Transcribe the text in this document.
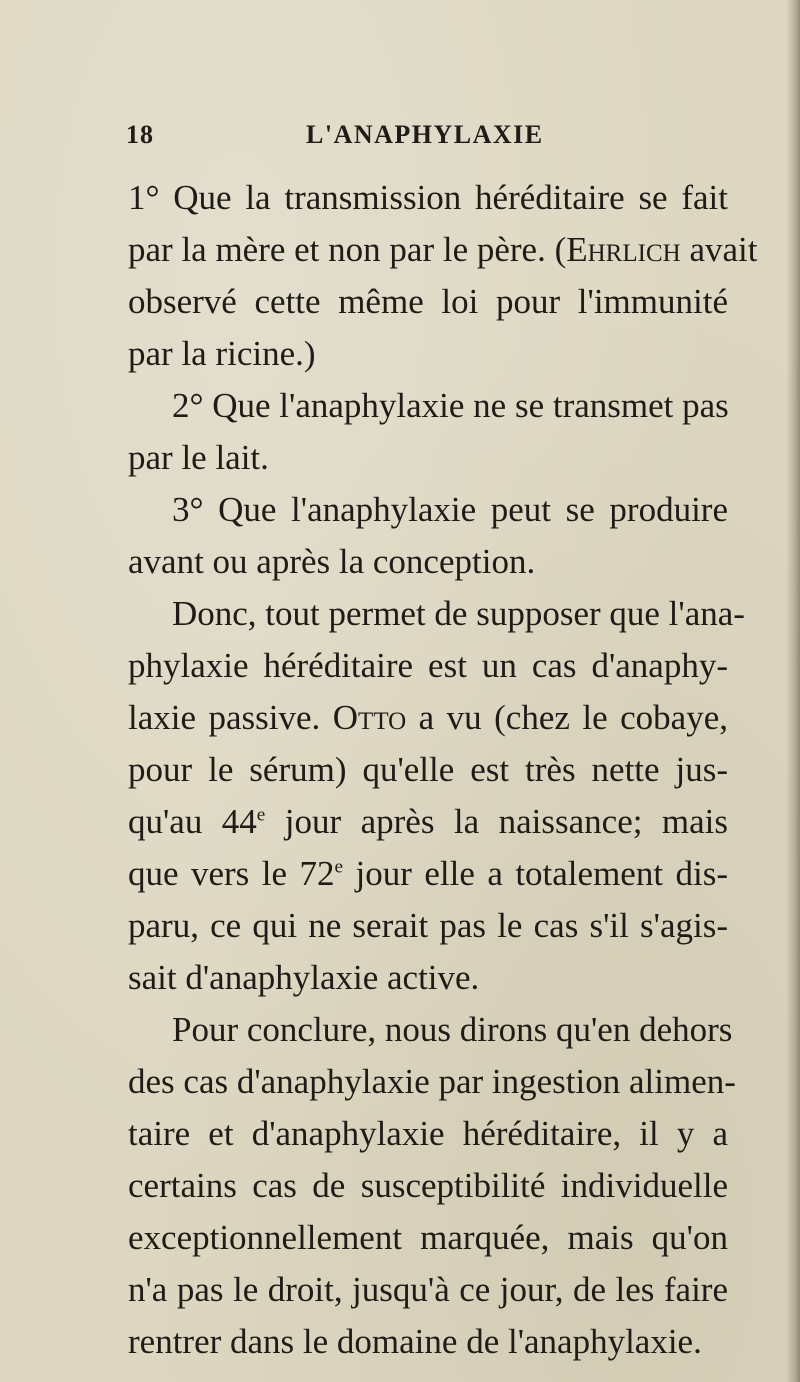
18	L'ANAPHYLAXIE
1° Que la transmission héréditaire se fait
par la mère et non par le père. (Ehrlich avait
observé cette même loi pour l'immunité
par la ricine.)
2° Que l'anaphylaxie ne se transmet pas
par le lait.
3° Que l'anaphylaxie peut se produire
avant ou après la conception.
Donc, tout permet de supposer que l'ana-
phylaxie héréditaire est un cas d'anaphy-
laxie passive. Otto a vu (chez le cobaye,
pour le sérum) qu'elle est très nette jus-
qu'au 44e jour après la naissance; mais
que vers le 72e jour elle a totalement dis-
paru, ce qui ne serait pas le cas s'il s'agis-
sait d'anaphylaxie active.
Pour conclure, nous dirons qu'en dehors
des cas d'anaphylaxie par ingestion alimen-
taire et d'anaphylaxie héréditaire, il y a
certains cas de susceptibilité individuelle
exceptionnellement marquée, mais qu'on
n'a pas le droit, jusqu'à ce jour, de les faire
rentrer dans le domaine de l'anaphylaxie.
